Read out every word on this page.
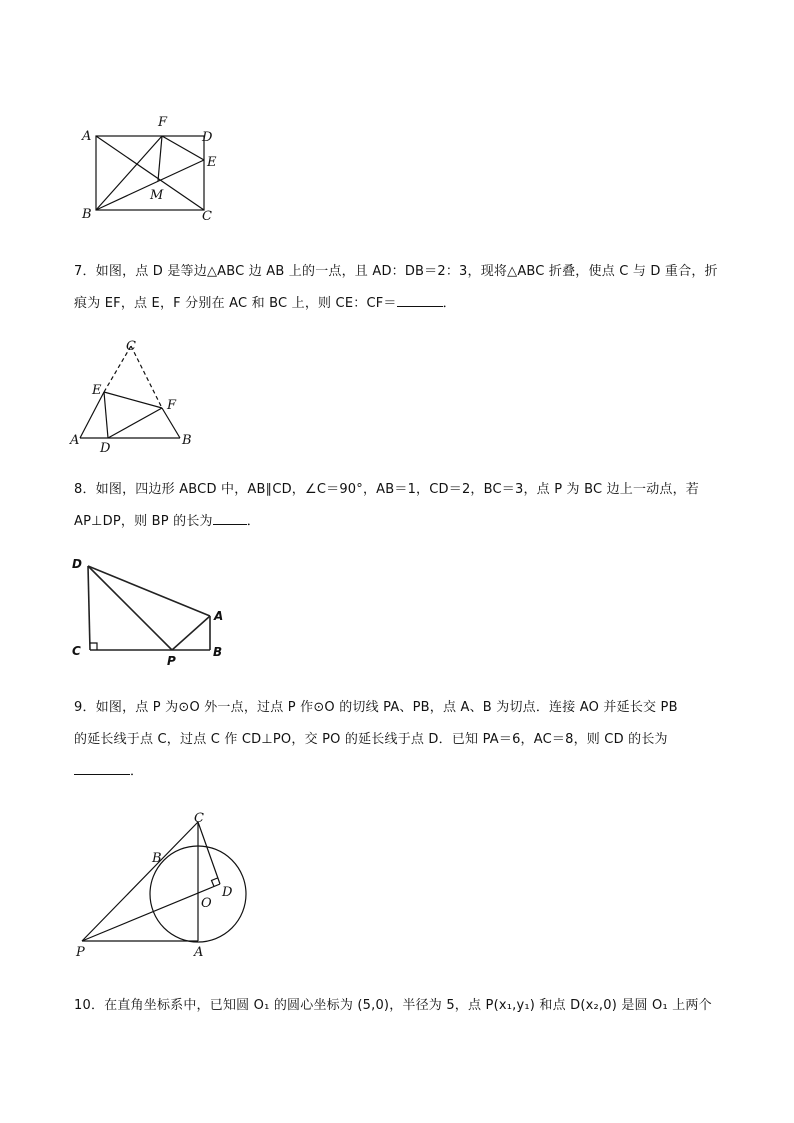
A
F
D
E
M
B	C
7．如图，点 D 是等边△ABC 边 AB 上的一点，且 AD：DB＝2：3，现将△ABC 折叠，使点 C 与 D 重合，折
痕为 EF，点 E，F 分别在 AC 和 BC 上，则 CE：CF＝	．
C
E
F
A
D
B
8．如图，四边形 ABCD 中，AB∥CD，∠C＝90°，AB＝1，CD＝2，BC＝3，点 P 为 BC 边上一动点，若
AP⊥DP，则 BP 的长为	．
D
A
C
P
B
9．如图，点 P 为⊙O 外一点，过点 P 作⊙O 的切线 PA、PB，点 A、B 为切点．连接 AO 并延长交 PB
的延长线于点 C，过点 C 作 CD⊥PO，交 PO 的延长线于点 D．已知 PA＝6，AC＝8，则 CD 的长为
．
C
B
D
O
P	A
10．在直角坐标系中，已知圆 O₁ 的圆心坐标为 (5,0)，半径为 5，点 P(x₁,y₁) 和点 D(x₂,0) 是圆 O₁ 上两个
